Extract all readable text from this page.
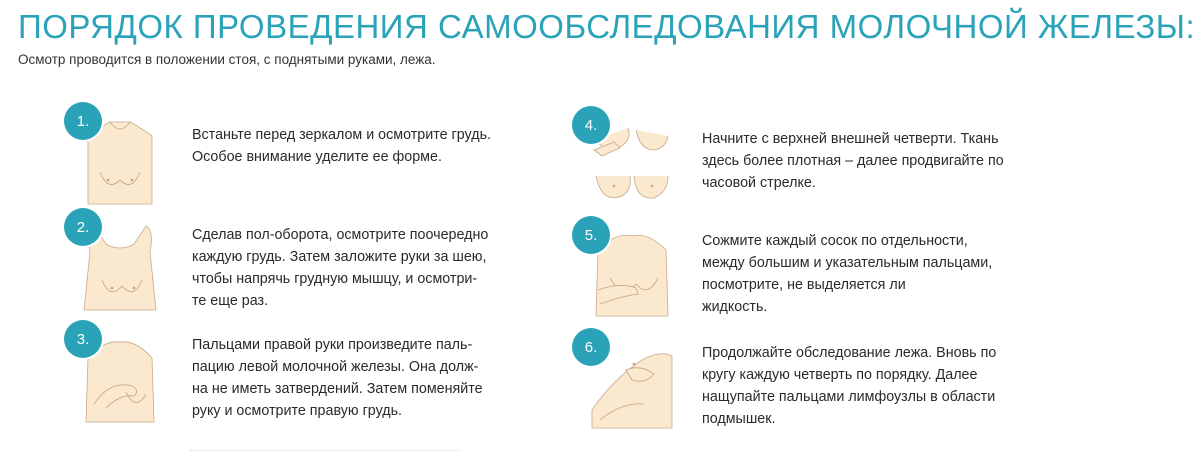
ПОРЯДОК ПРОВЕДЕНИЯ САМООБСЛЕДОВАНИЯ МОЛОЧНОЙ ЖЕЛЕЗЫ:
Осмотр проводится в положении стоя, с поднятыми руками, лежа.
1.
Встаньте перед зеркалом и осмотрите грудь.
Особое внимание уделите ее форме.
2.	Сделав пол-оборота, осмотрите поочередно
каждую грудь. Затем заложите руки за шею,
чтобы напрячь грудную мышцу, и осмотри-
те еще раз.
3.	Пальцами правой руки произведите паль-
пацию левой молочной железы. Она долж-
на не иметь затвердений. Затем поменяйте
руку и осмотрите правую грудь.
4.
Начните с верхней внешней четверти. Ткань
здесь более плотная – далее продвигайте по
часовой стрелке.
5.	Сожмите каждый сосок по отдельности,
между большим и указательным пальцами,
посмотрите, не выделяется ли
жидкость.
6.	Продолжайте обследование лежа. Вновь по
кругу каждую четверть по порядку. Далее
нащупайте пальцами лимфоузлы в области
подмышек.
